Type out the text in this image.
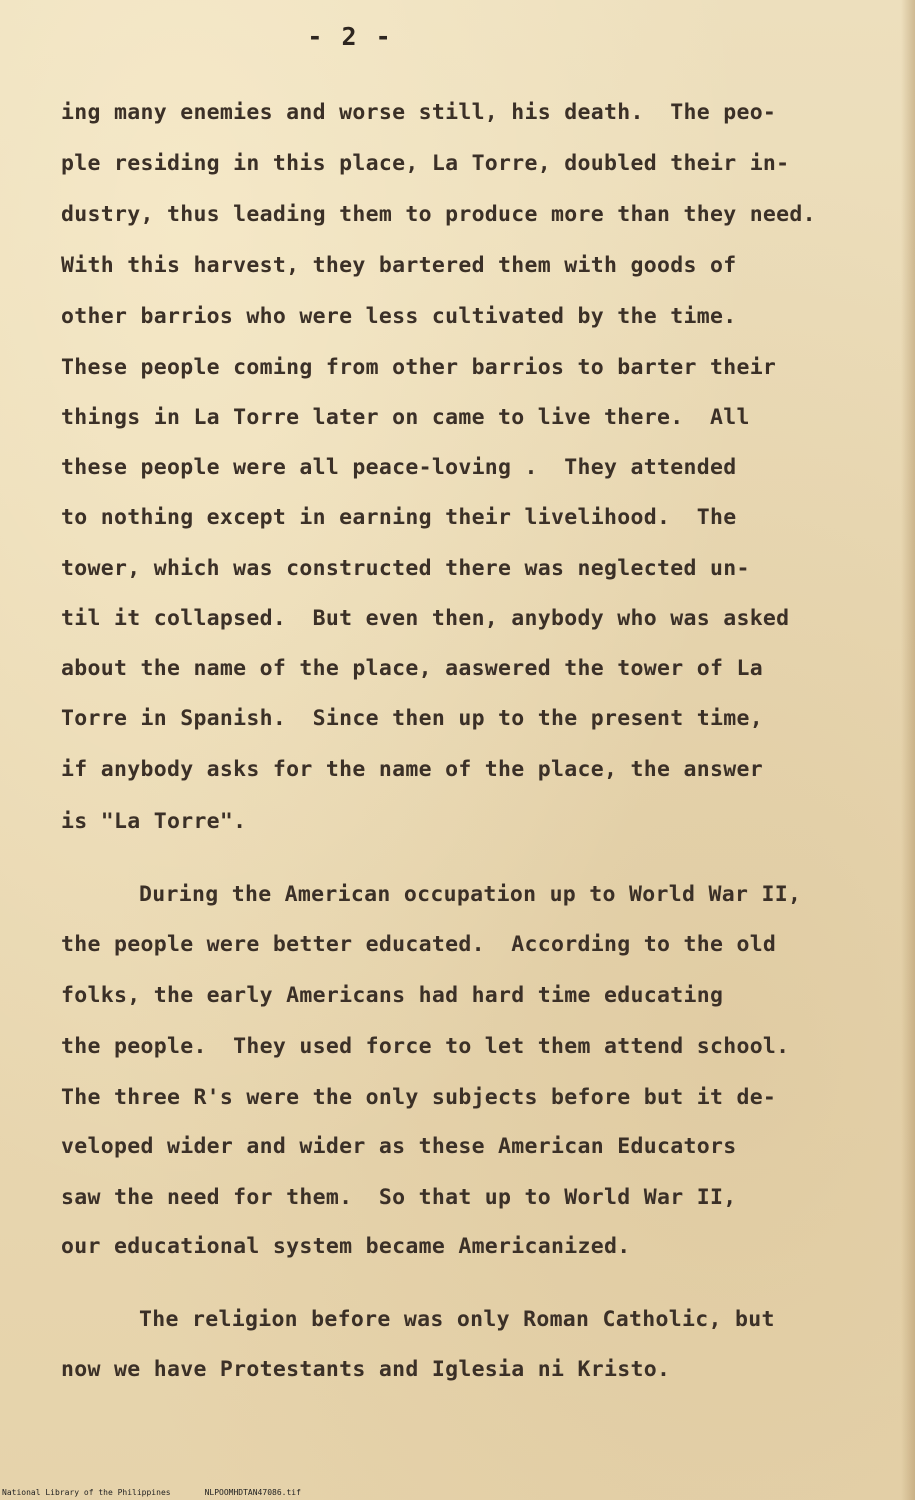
- 2 -

ing many enemies and worse still, his death.  The peo-

ple residing in this place, La Torre, doubled their in-

dustry, thus leading them to produce more than they need.

With this harvest, they bartered them with goods of

other barrios who were less cultivated by the time.

These people coming from other barrios to barter their

things in La Torre later on came to live there.  All

these people were all peace-loving .  They attended

to nothing except in earning their livelihood.  The

tower, which was constructed there was neglected un-

til it collapsed.  But even then, anybody who was asked

about the name of the place, aaswered the tower of La

Torre in Spanish.  Since then up to the present time,

if anybody asks for the name of the place, the answer

is "La Torre".

During the American occupation up to World War II,

the people were better educated.  According to the old

folks, the early Americans had hard time educating

the people.  They used force to let them attend school.

The three R's were the only subjects before but it de-

veloped wider and wider as these American Educators

saw the need for them.  So that up to World War II,

our educational system became Americanized.

The religion before was only Roman Catholic, but

now we have Protestants and Iglesia ni Kristo.

National Library of the Philippines	NLPOOMHDTAN47086.tif
